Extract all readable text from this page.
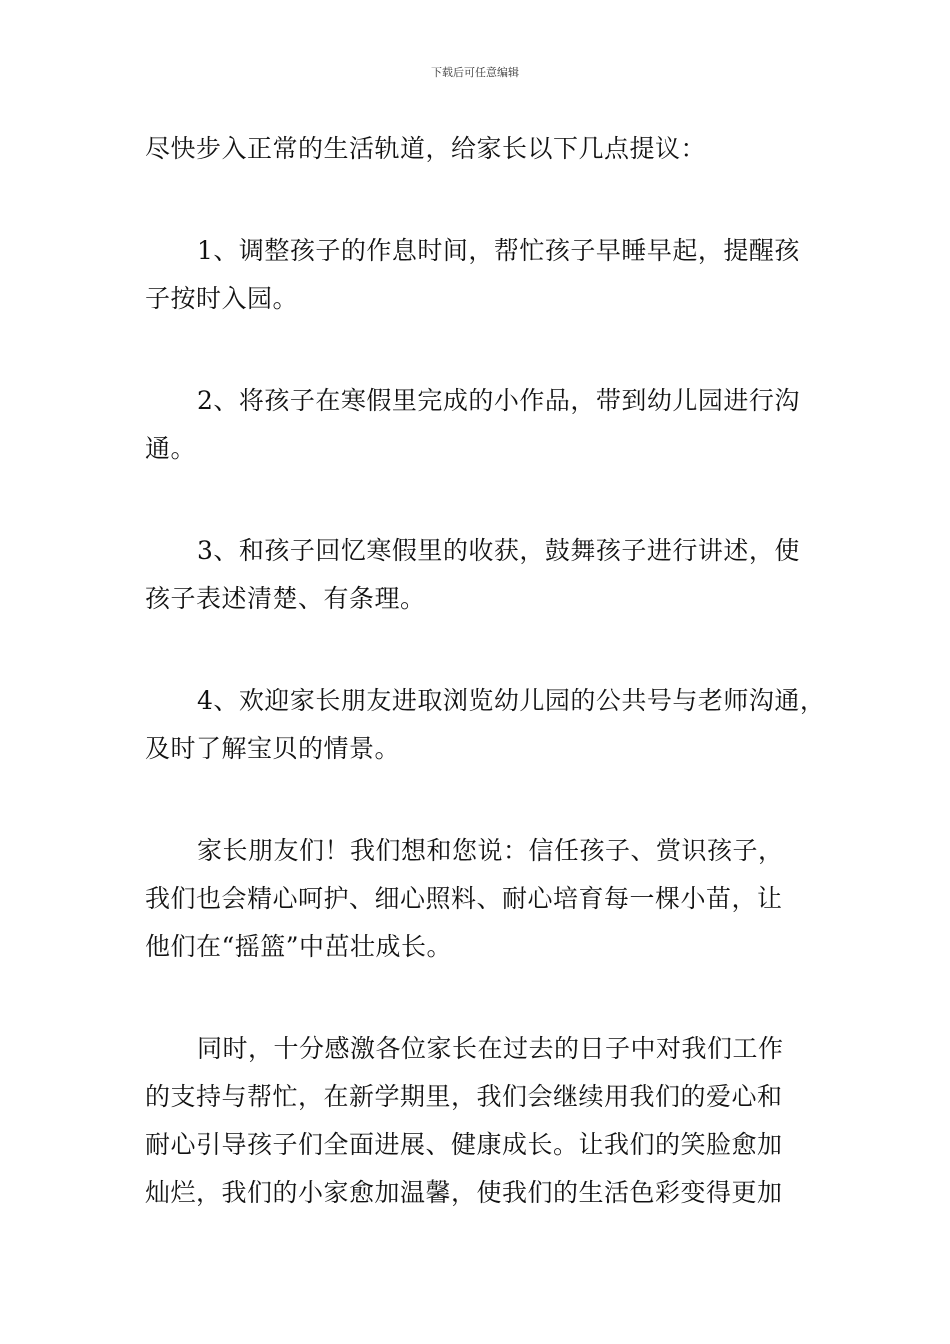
下载后可任意编辑

尽快步入正常的生活轨道，给家长以下几点提议：

1、调整孩子的作息时间，帮忙孩子早睡早起，提醒孩
子按时入园。

2、将孩子在寒假里完成的小作品，带到幼儿园进行沟
通。

3、和孩子回忆寒假里的收获，鼓舞孩子进行讲述，使
孩子表述清楚、有条理。

4、欢迎家长朋友进取浏览幼儿园的公共号与老师沟通，
及时了解宝贝的情景。

家长朋友们！我们想和您说：信任孩子、赏识孩子，
我们也会精心呵护、细心照料、耐心培育每一棵小苗，让
他们在“摇篮”中茁壮成长。

同时，十分感激各位家长在过去的日子中对我们工作
的支持与帮忙，在新学期里，我们会继续用我们的爱心和
耐心引导孩子们全面进展、健康成长。让我们的笑脸愈加
灿烂，我们的小家愈加温馨，使我们的生活色彩变得更加
